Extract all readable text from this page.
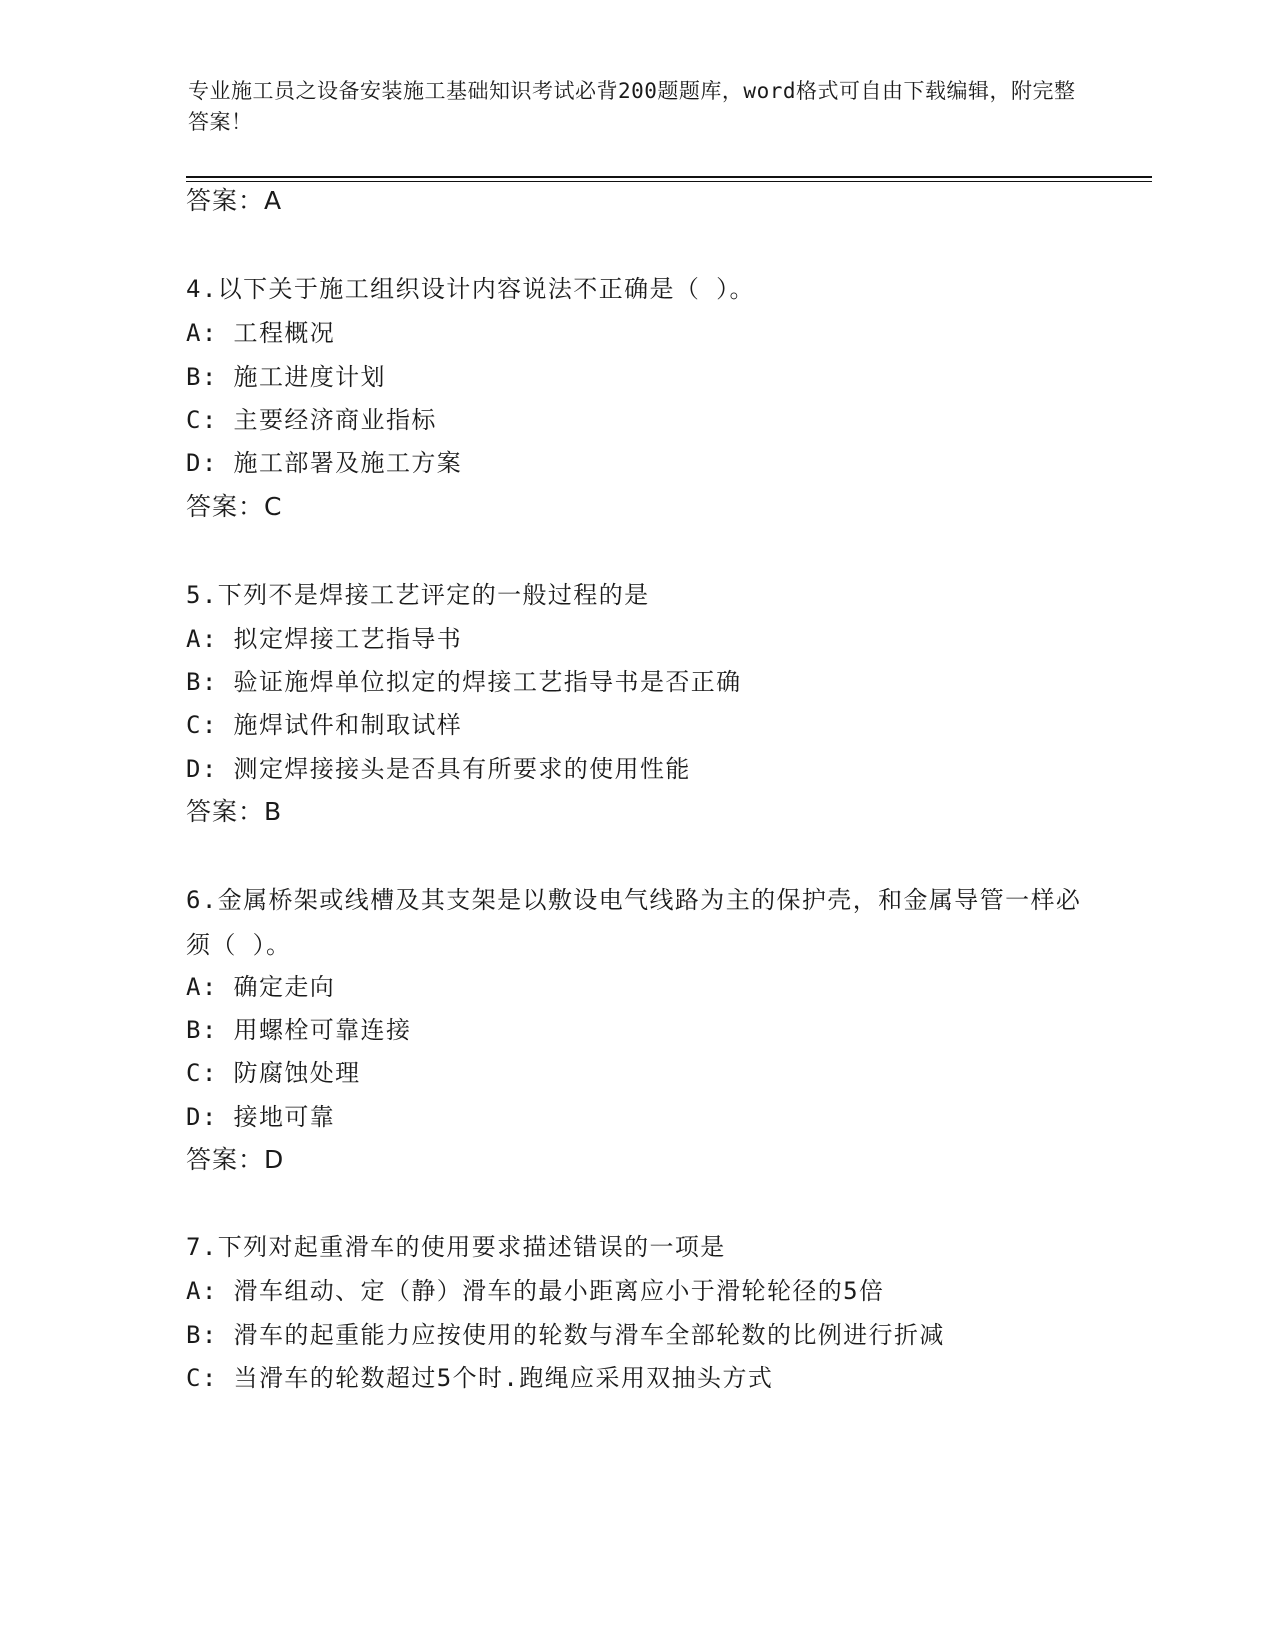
专业施工员之设备安装施工基础知识考试必背200题题库，word格式可自由下载编辑，附完整答案！

答案：A
4.以下关于施工组织设计内容说法不正确是（ ）。
A: 工程概况
B: 施工进度计划
C: 主要经济商业指标
D: 施工部署及施工方案
答案：C
5.下列不是焊接工艺评定的一般过程的是
A: 拟定焊接工艺指导书
B: 验证施焊单位拟定的焊接工艺指导书是否正确
C: 施焊试件和制取试样
D: 测定焊接接头是否具有所要求的使用性能
答案：B
6.金属桥架或线槽及其支架是以敷设电气线路为主的保护壳，和金属导管一样必须（ ）。
A: 确定走向
B: 用螺栓可靠连接
C: 防腐蚀处理
D: 接地可靠
答案：D
7.下列对起重滑车的使用要求描述错误的一项是
A: 滑车组动、定（静）滑车的最小距离应小于滑轮轮径的5倍
B: 滑车的起重能力应按使用的轮数与滑车全部轮数的比例进行折减
C: 当滑车的轮数超过5个时.跑绳应采用双抽头方式
